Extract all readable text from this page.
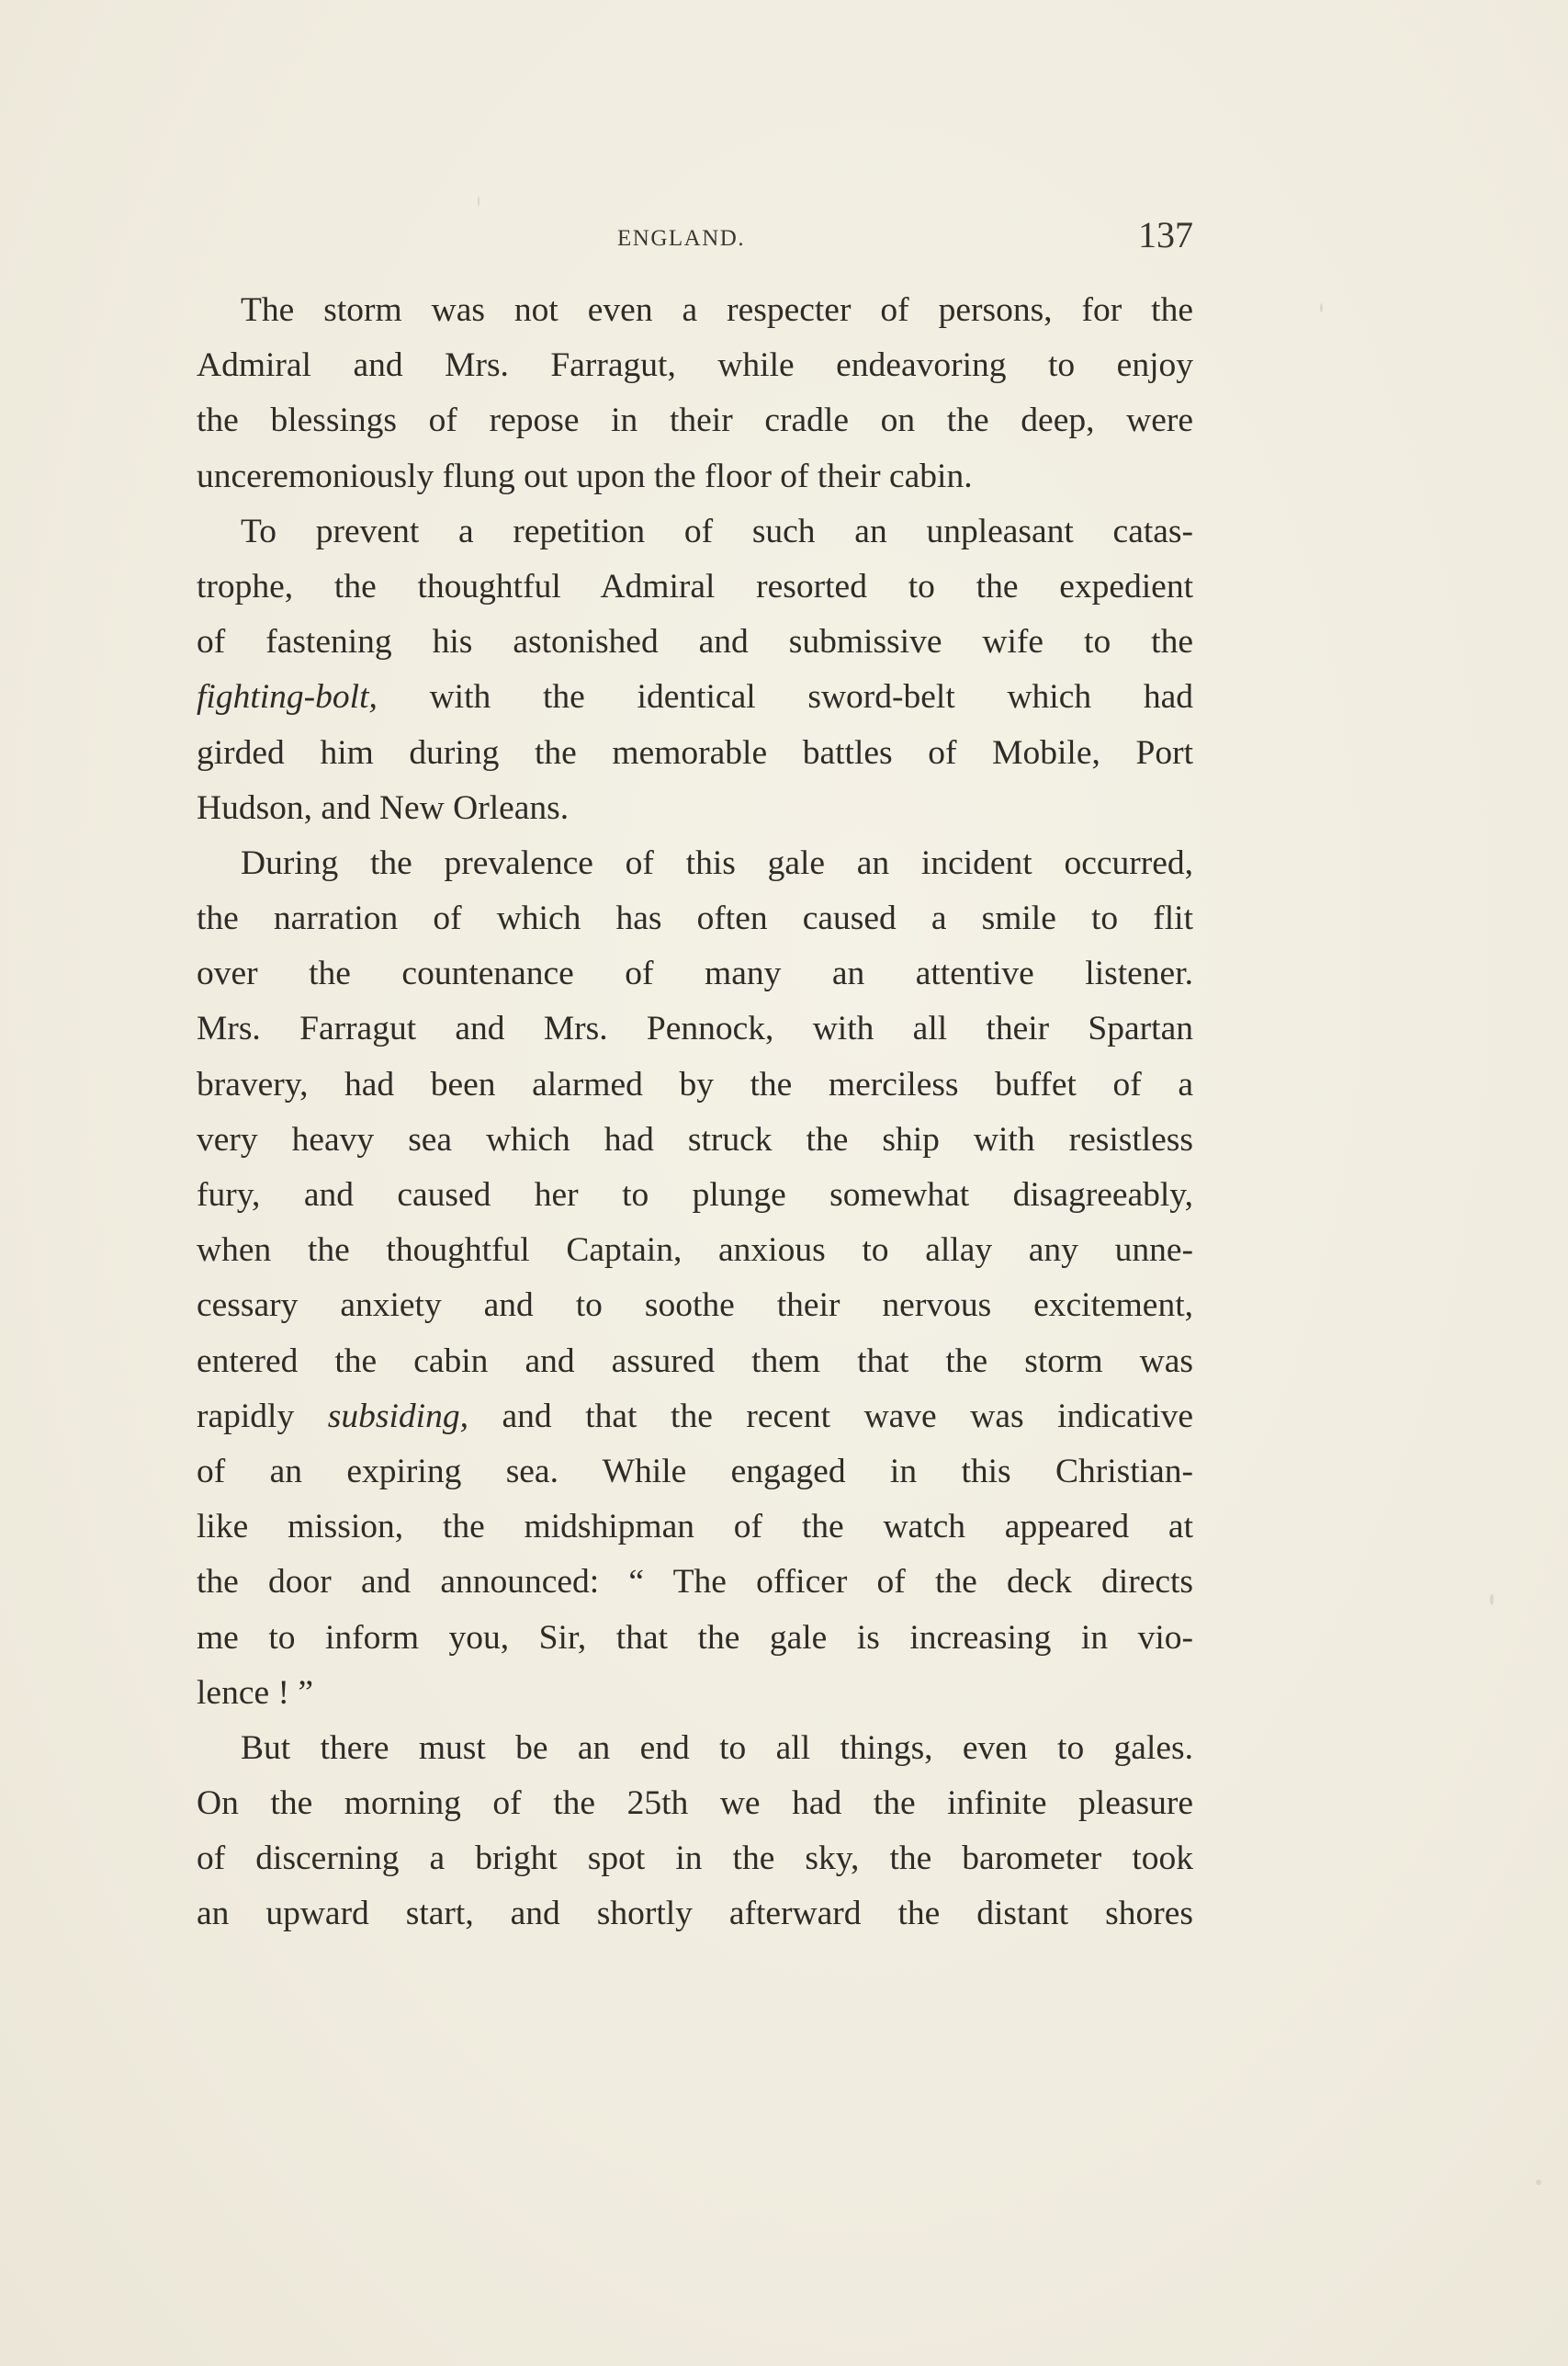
ENGLAND.	137
The storm was not even a respecter of persons, for the
Admiral and Mrs. Farragut, while endeavoring to enjoy
the blessings of repose in their cradle on the deep, were
unceremoniously flung out upon the floor of their cabin.
To prevent a repetition of such an unpleasant catas-
trophe, the thoughtful Admiral resorted to the expedient
of fastening his astonished and submissive wife to the
fighting-bolt, with the identical sword-belt which had
girded him during the memorable battles of Mobile, Port
Hudson, and New Orleans.
During the prevalence of this gale an incident occurred,
the narration of which has often caused a smile to flit
over the countenance of many an attentive listener.
Mrs. Farragut and Mrs. Pennock, with all their Spartan
bravery, had been alarmed by the merciless buffet of a
very heavy sea which had struck the ship with resistless
fury, and caused her to plunge somewhat disagreeably,
when the thoughtful Captain, anxious to allay any unne-
cessary anxiety and to soothe their nervous excitement,
entered the cabin and assured them that the storm was
rapidly subsiding, and that the recent wave was indicative
of an expiring sea. While engaged in this Christian-
like mission, the midshipman of the watch appeared at
the door and announced: “ The officer of the deck directs
me to inform you, Sir, that the gale is increasing in vio-
lence ! ”
But there must be an end to all things, even to gales.
On the morning of the 25th we had the infinite pleasure
of discerning a bright spot in the sky, the barometer took
an upward start, and shortly afterward the distant shores
